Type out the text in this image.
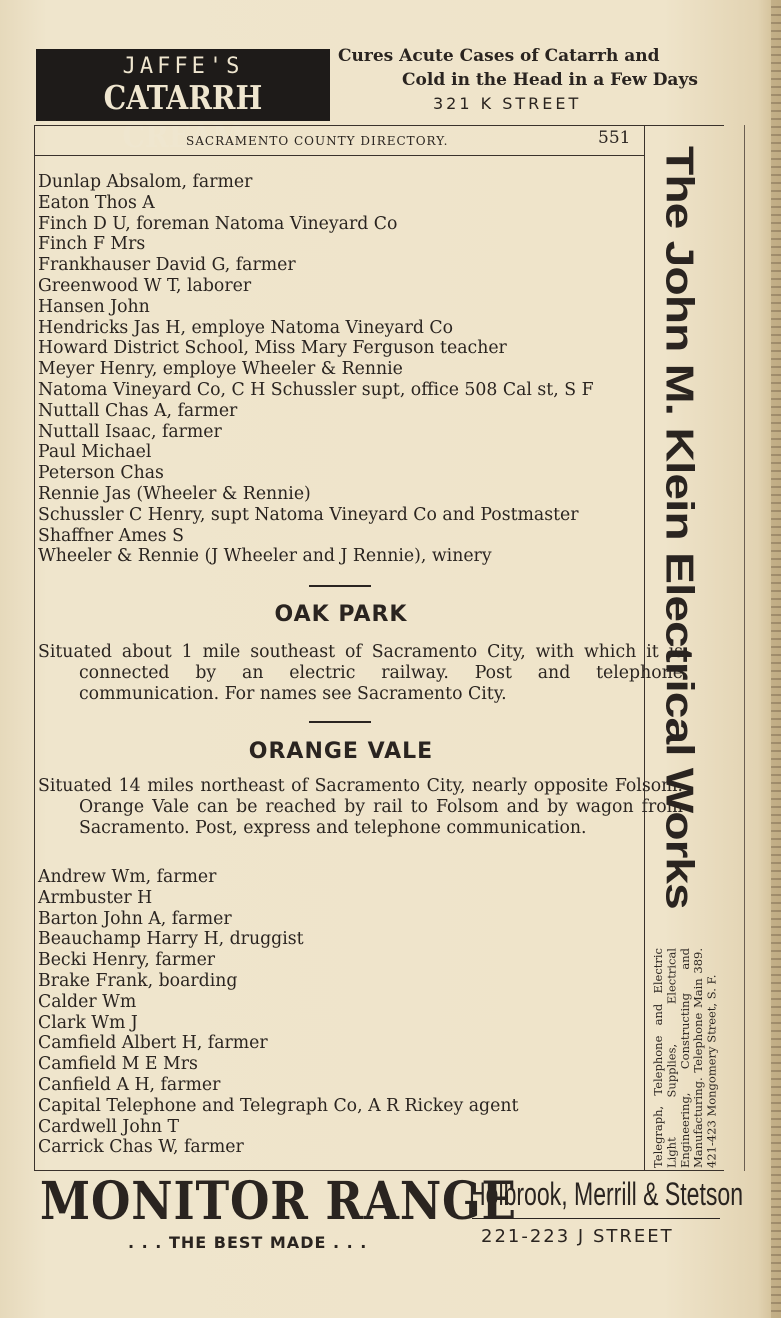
JAFFE'S
CATARRH CREAM
Cures Acute Cases of Catarrh and
Cold in the Head in a Few Days
321 K STREET
SACRAMENTO COUNTY DIRECTORY.	551
Dunlap Absalom, farmer
Eaton Thos A
Finch D U, foreman Natoma Vineyard Co
Finch F Mrs
Frankhauser David G, farmer
Greenwood W T, laborer
Hansen John
Hendricks Jas H, employe Natoma Vineyard Co
Howard District School, Miss Mary Ferguson teacher
Meyer Henry, employe Wheeler & Rennie
Natoma Vineyard Co, C H Schussler supt, office 508 Cal st, S F
Nuttall Chas A, farmer
Nuttall Isaac, farmer
Paul Michael
Peterson Chas
Rennie Jas (Wheeler & Rennie)
Schussler C Henry, supt Natoma Vineyard Co and Postmaster
Shaffner Ames S
Wheeler & Rennie (J Wheeler and J Rennie), winery
OAK PARK
Situated about 1 mile southeast of Sacramento City, with which it is connected by an electric railway. Post and telephone communication. For names see Sacramento City.
ORANGE VALE
Situated 14 miles northeast of Sacramento City, nearly opposite Folsom. Orange Vale can be reached by rail to Folsom and by wagon from Sacramento. Post, express and telephone communication.
Andrew Wm, farmer
Armbuster H
Barton John A, farmer
Beauchamp Harry H, druggist
Becki Henry, farmer
Brake Frank, boarding
Calder Wm
Clark Wm J
Camfield Albert H, farmer
Camfield M E Mrs
Canfield A H, farmer
Capital Telephone and Telegraph Co, A R Rickey agent
Cardwell John T
Carrick Chas W, farmer
The John M. Klein Electrical Works
Telegraph, Telephone and Electric Light Supplies, Electrical Engineering, Constructing and Manufacturing. Telephone Main 389. 421-423 Mongomery Street, S. F.
MONITOR RANGE
. . . THE BEST MADE . . .
Holbrook, Merrill & Stetson
221-223 J STREET
